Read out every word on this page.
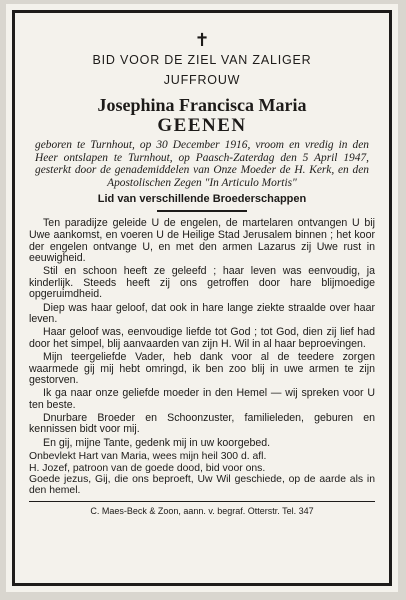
✝
BID VOOR DE ZIEL VAN ZALIGER
JUFFROUW
Josephina Francisca Maria
GEENEN
geboren te Turnhout, op 30 December 1916, vroom en vredig in den Heer ontslapen te Turnhout, op Paasch-Zaterdag den 5 April 1947, gesterkt door de genademiddelen van Onze Moeder de H. Kerk, en den Apostolischen Zegen "In Articulo Mortis"
Lid van verschillende Broederschappen

Ten paradijze geleide U de engelen, de martelaren ontvangen U bij Uwe aankomst, en voeren U de Heilige Stad Jerusalem binnen ; het koor der engelen ontvange U, en met den armen Lazarus zij Uwe rust in eeuwigheid.

Stil en schoon heeft ze geleefd ; haar leven was eenvoudig, ja kinderlijk. Steeds heeft zij ons getroffen door hare blijmoedige opgeruimdheid.

Diep was haar geloof, dat ook in hare lange ziekte straalde over haar leven.

Haar geloof was, eenvoudige liefde tot God ; tot God, dien zij lief had door het simpel, blij aanvaarden van zijn H. Wil in al haar beproevingen.

Mijn teergeliefde Vader, heb dank voor al de teedere zorgen waarmede gij mij hebt omringd, ik ben zoo blij in uwe armen te zijn gestorven.

Ik ga naar onze geliefde moeder in den Hemel — wij spreken voor U ten beste.

Dnurbare Broeder en Schoonzuster, familieleden, geburen en kennissen bidt voor mij.

En gij, mijne Tante, gedenk mij in uw koorgebed.

Onbevlekt Hart van Maria, wees mijn heil 300 d. afl.

H. Jozef, patroon van de goede dood, bid voor ons.

Goede jezus, Gij, die ons beproeft, Uw Wil geschiede, op de aarde als in den hemel.

C. Maes-Beck & Zoon, aann. v. begraf. Otterstr. Tel. 347
